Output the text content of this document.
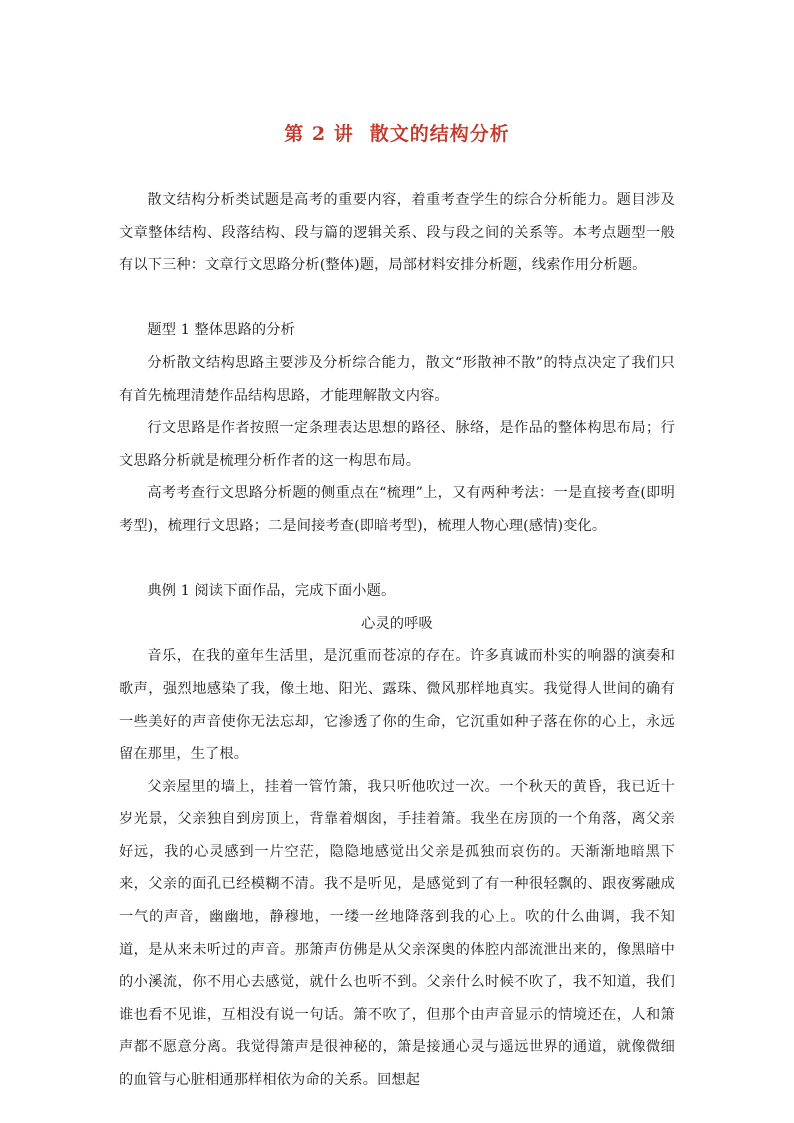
第 2 讲 散文的结构分析

散文结构分析类试题是高考的重要内容，着重考查学生的综合分析能力。题目涉及文章整体结构、段落结构、段与篇的逻辑关系、段与段之间的关系等。本考点题型一般有以下三种：文章行文思路分析(整体)题，局部材料安排分析题，线索作用分析题。

题型 1 整体思路的分析

分析散文结构思路主要涉及分析综合能力，散文“形散神不散”的特点决定了我们只有首先梳理清楚作品结构思路，才能理解散文内容。

行文思路是作者按照一定条理表达思想的路径、脉络，是作品的整体构思布局；行文思路分析就是梳理分析作者的这一构思布局。

高考考查行文思路分析题的侧重点在“梳理”上，又有两种考法：一是直接考查(即明考型)，梳理行文思路；二是间接考查(即暗考型)，梳理人物心理(感情)变化。

典例 1 阅读下面作品，完成下面小题。

心灵的呼吸

音乐，在我的童年生活里，是沉重而苍凉的存在。许多真诚而朴实的响器的演奏和歌声，强烈地感染了我，像土地、阳光、露珠、微风那样地真实。我觉得人世间的确有一些美好的声音使你无法忘却，它渗透了你的生命，它沉重如种子落在你的心上，永远留在那里，生了根。

父亲屋里的墙上，挂着一管竹箫，我只听他吹过一次。一个秋天的黄昏，我已近十岁光景，父亲独自到房顶上，背靠着烟囱，手挂着箫。我坐在房顶的一个角落，离父亲好远，我的心灵感到一片空茫，隐隐地感觉出父亲是孤独而哀伤的。天渐渐地暗黑下来，父亲的面孔已经模糊不清。我不是听见，是感觉到了有一种很轻飘的、跟夜雾融成一气的声音，幽幽地，静穆地，一缕一丝地降落到我的心上。吹的什么曲调，我不知道，是从来未听过的声音。那箫声仿佛是从父亲深奥的体腔内部流泄出来的，像黑暗中的小溪流，你不用心去感觉，就什么也听不到。父亲什么时候不吹了，我不知道，我们谁也看不见谁，互相没有说一句话。箫不吹了，但那个由声音显示的情境还在，人和箫声都不愿意分离。我觉得箫声是很神秘的，箫是接通心灵与遥远世界的通道，就像微细的血管与心脏相通那样相依为命的关系。回想起
